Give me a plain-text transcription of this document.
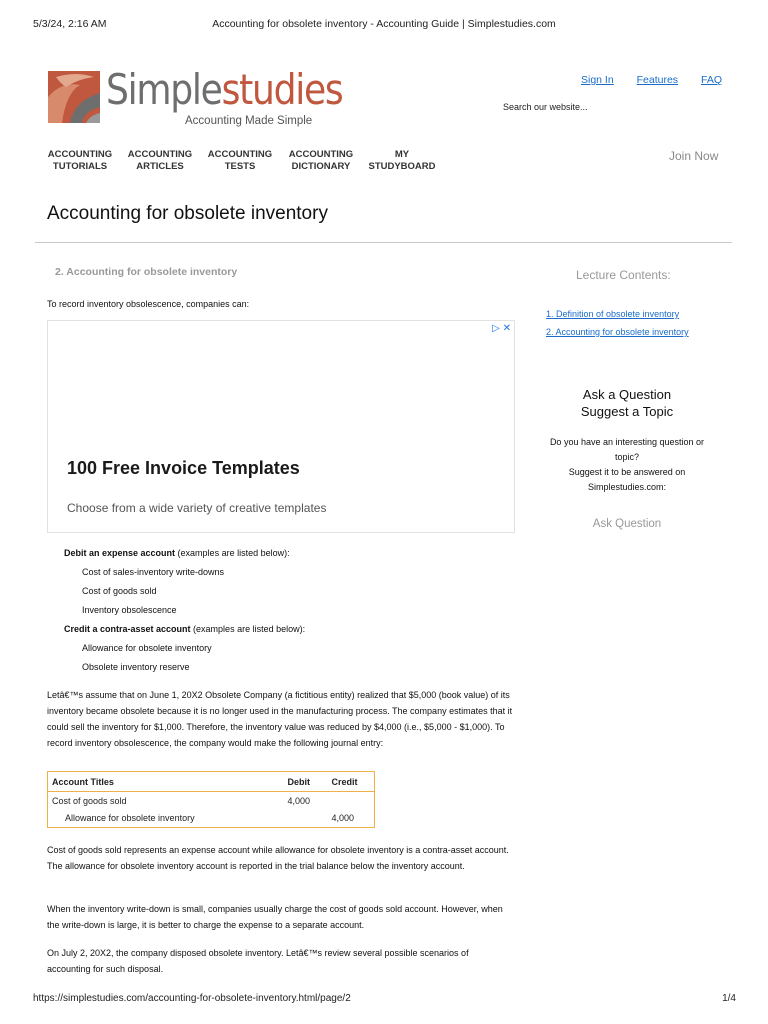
5/3/24, 2:16 AM	Accounting for obsolete inventory - Accounting Guide | Simplestudies.com
Simplestudies
Accounting Made Simple
Sign In Features FAQ
Search our website...
ACCOUNTING
TUTORIALS
ACCOUNTING
ARTICLES
ACCOUNTING
TESTS
ACCOUNTING
DICTIONARY
MY
STUDYBOARD
Join Now
Accounting for obsolete inventory
2. Accounting for obsolete inventory
To record inventory obsolescence, companies can:
▷ ✕
100 Free Invoice Templates
Choose from a wide variety of creative templates
Debit an expense account (examples are listed below):
Cost of sales-inventory write-downs
Cost of goods sold
Inventory obsolescence
Credit a contra-asset account (examples are listed below):
Allowance for obsolete inventory
Obsolete inventory reserve

Letâ€™s assume that on June 1, 20X2 Obsolete Company (a fictitious entity) realized that $5,000 (book value) of its inventory became obsolete because it is no longer used in the manufacturing process. The company estimates that it could sell the inventory for $1,000. Therefore, the inventory value was reduced by $4,000 (i.e., $5,000 - $1,000). To record inventory obsolescence, the company would make the following journal entry:

Account Titles	Debit	Credit
Cost of goods sold	4,000	
Allowance for obsolete inventory		4,000

Cost of goods sold represents an expense account while allowance for obsolete inventory is a contra-asset account. The allowance for obsolete inventory account is reported in the trial balance below the inventory account.

When the inventory write-down is small, companies usually charge the cost of goods sold account. However, when the write-down is large, it is better to charge the expense to a separate account.

On July 2, 20X2, the company disposed obsolete inventory. Letâ€™s review several possible scenarios of accounting for such disposal.

Lecture Contents:
1. Definition of obsolete inventory
2. Accounting for obsolete inventory
Ask a Question
Suggest a Topic
Do you have an interesting question or topic?
Suggest it to be answered on Simplestudies.com:
Ask Question
https://simplestudies.com/accounting-for-obsolete-inventory.html/page/2	1/4
